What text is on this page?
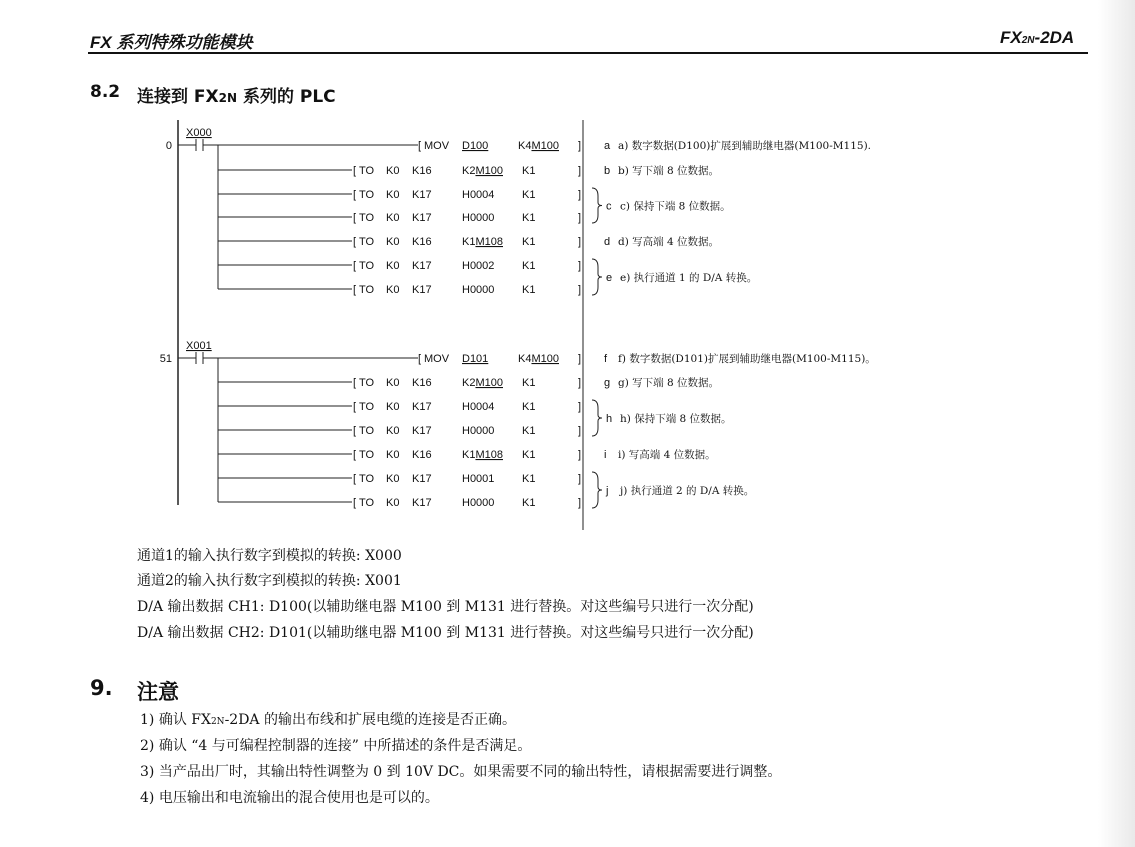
FX 系列特殊功能模块	FX2N-2DA
8.2 连接到 FX2N 系列的 PLC
0
X000
[ MOV D100	K4M100 ]
[ TO K0 K16	K2M100 K1	]
[ TO K0 K17	H0004	K1	]
[ TO K0 K17	H0000	K1	]
[ TO K0 K16	K1M108 K1	]
[ TO K0 K17	H0002	K1	]
[ TO K0 K17	H0000	K1	]
a a) 数字数据(D100)扩展到辅助继电器(M100-M115).
b b) 写下端 8 位数据。
c c) 保持下端 8 位数据。
d d) 写高端 4 位数据。
e e) 执行通道 1 的 D/A 转换。
51
X001
[ MOV D101	K4M100 ]
[ TO K0 K16	K2M100 K1	]
[ TO K0 K17	H0004	K1	]
[ TO K0 K17	H0000	K1	]
[ TO K0 K16	K1M108 K1	]
[ TO K0 K17	H0001	K1	]
[ TO K0 K17	H0000	K1	]
f f) 数字数据(D101)扩展到辅助继电器(M100-M115)。
g g) 写下端 8 位数据。
h h) 保持下端 8 位数据。
i i) 写高端 4 位数据。
j j) 执行通道 2 的 D/A 转换。
通道1的输入执行数字到模拟的转换: X000
通道2的输入执行数字到模拟的转换: X001
D/A 输出数据 CH1: D100(以辅助继电器 M100 到 M131 进行替换。对这些编号只进行一次分配)
D/A 输出数据 CH2: D101(以辅助继电器 M100 到 M131 进行替换。对这些编号只进行一次分配)
9. 注意
1) 确认 FX2N-2DA 的输出布线和扩展电缆的连接是否正确。
2) 确认 “4 与可编程控制器的连接” 中所描述的条件是否满足。
3) 当产品出厂时，其输出特性调整为 0 到 10V DC。如果需要不同的输出特性，请根据需要进行调整。
4) 电压输出和电流输出的混合使用也是可以的。
